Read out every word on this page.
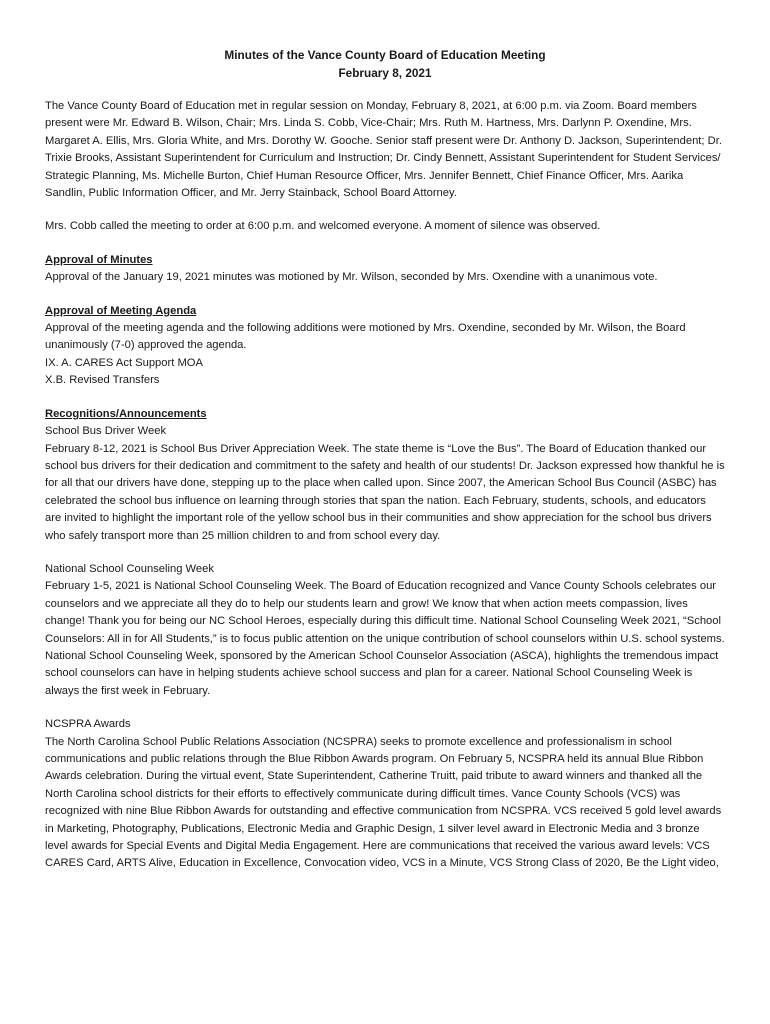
Minutes of the Vance County Board of Education Meeting
February 8, 2021

The Vance County Board of Education met in regular session on Monday, February 8, 2021, at 6:00 p.m. via Zoom. Board members present were Mr. Edward B. Wilson, Chair; Mrs. Linda S. Cobb, Vice-Chair; Mrs. Ruth M. Hartness, Mrs. Darlynn P. Oxendine, Mrs. Margaret A. Ellis, Mrs. Gloria White, and Mrs. Dorothy W. Gooche. Senior staff present were Dr. Anthony D. Jackson, Superintendent; Dr. Trixie Brooks, Assistant Superintendent for Curriculum and Instruction; Dr. Cindy Bennett, Assistant Superintendent for Student Services/ Strategic Planning, Ms. Michelle Burton, Chief Human Resource Officer, Mrs. Jennifer Bennett, Chief Finance Officer, Mrs. Aarika Sandlin, Public Information Officer, and Mr. Jerry Stainback, School Board Attorney.

Mrs. Cobb called the meeting to order at 6:00 p.m. and welcomed everyone. A moment of silence was observed.

Approval of Minutes
Approval of the January 19, 2021 minutes was motioned by Mr. Wilson, seconded by Mrs. Oxendine with a unanimous vote.
Approval of Meeting Agenda
Approval of the meeting agenda and the following additions were motioned by Mrs. Oxendine, seconded by Mr. Wilson, the Board unanimously (7-0) approved the agenda.
IX. A. CARES Act Support MOA
X.B. Revised Transfers
Recognitions/Announcements
School Bus Driver Week
February 8-12, 2021 is School Bus Driver Appreciation Week. The state theme is “Love the Bus”. The Board of Education thanked our school bus drivers for their dedication and commitment to the safety and health of our students! Dr. Jackson expressed how thankful he is for all that our drivers have done, stepping up to the place when called upon. Since 2007, the American School Bus Council (ASBC) has celebrated the school bus influence on learning through stories that span the nation. Each February, students, schools, and educators are invited to highlight the important role of the yellow school bus in their communities and show appreciation for the school bus drivers who safely transport more than 25 million children to and from school every day.
National School Counseling Week
February 1-5, 2021 is National School Counseling Week. The Board of Education recognized and Vance County Schools celebrates our counselors and we appreciate all they do to help our students learn and grow! We know that when action meets compassion, lives change! Thank you for being our NC School Heroes, especially during this difficult time. National School Counseling Week 2021, “School Counselors: All in for All Students,” is to focus public attention on the unique contribution of school counselors within U.S. school systems. National School Counseling Week, sponsored by the American School Counselor Association (ASCA), highlights the tremendous impact school counselors can have in helping students achieve school success and plan for a career. National School Counseling Week is always the first week in February.
NCSPRA Awards
The North Carolina School Public Relations Association (NCSPRA) seeks to promote excellence and professionalism in school communications and public relations through the Blue Ribbon Awards program. On February 5, NCSPRA held its annual Blue Ribbon Awards celebration. During the virtual event, State Superintendent, Catherine Truitt, paid tribute to award winners and thanked all the North Carolina school districts for their efforts to effectively communicate during difficult times. Vance County Schools (VCS) was recognized with nine Blue Ribbon Awards for outstanding and effective communication from NCSPRA. VCS received 5 gold level awards in Marketing, Photography, Publications, Electronic Media and Graphic Design, 1 silver level award in Electronic Media and 3 bronze level awards for Special Events and Digital Media Engagement. Here are communications that received the various award levels: VCS CARES Card, ARTS Alive, Education in Excellence, Convocation video, VCS in a Minute, VCS Strong Class of 2020, Be the Light video,
